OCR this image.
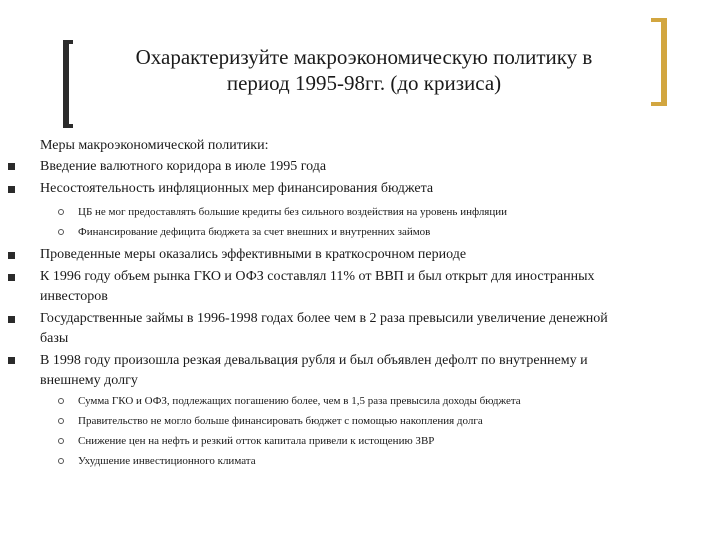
Охарактеризуйте макроэкономическую политику в
период 1995-98гг. (до кризиса)
Меры макроэкономической политики:
Введение валютного коридора в июле 1995 года
Несостоятельность инфляционных мер финансирования бюджета
ЦБ не мог предоставлять большие кредиты без сильного воздействия на уровень инфляции
Финансирование дефицита бюджета за счет внешних и внутренних займов
Проведенные меры оказались эффективными в краткосрочном периоде
К 1996 году объем рынка ГКО и ОФЗ составлял 11% от ВВП и был открыт для иностранных
инвесторов
Государственные займы в 1996-1998 годах более чем в 2 раза превысили увеличение денежной
базы
В 1998 году произошла резкая девальвация рубля и был объявлен дефолт по внутреннему и
внешнему долгу
Сумма ГКО и ОФЗ, подлежащих погашению более, чем в 1,5 раза превысила доходы бюджета
Правительство не могло больше финансировать бюджет с помощью накопления долга
Снижение цен на нефть и резкий отток капитала привели к истощению ЗВР
Ухудшение инвестиционного климата
